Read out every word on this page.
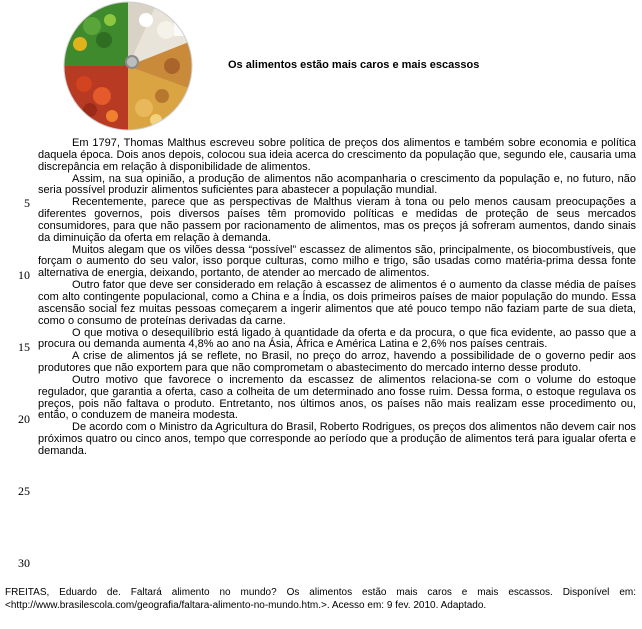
Os alimentos estão mais caros e mais escassos

Em 1797, Thomas Malthus escreveu sobre política de preços dos alimentos e também sobre economia e política daquela época. Dois anos depois, colocou sua ideia acerca do crescimento da população que, segundo ele, causaria uma discrepância em relação à disponibilidade de alimentos.

Assim, na sua opinião, a produção de alimentos não acompanharia o crescimento da população e, no futuro, não seria possível produzir alimentos suficientes para abastecer a população mundial.

Recentemente, parece que as perspectivas de Malthus vieram à tona ou pelo menos causam preocupações a diferentes governos, pois diversos países têm promovido políticas e medidas de proteção de seus mercados consumidores, para que não passem por racionamento de alimentos, mas os preços já sofreram aumentos, dando sinais da diminuição da oferta em relação à demanda.

Muitos alegam que os vilões dessa “possível” escassez de alimentos são, principalmente, os biocombustíveis, que forçam o aumento do seu valor, isso porque culturas, como milho e trigo, são usadas como matéria-prima dessa fonte alternativa de energia, deixando, portanto, de atender ao mercado de alimentos.

Outro fator que deve ser considerado em relação à escassez de alimentos é o aumento da classe média de países com alto contingente populacional, como a China e a Índia, os dois primeiros países de maior população do mundo. Essa ascensão social fez muitas pessoas começarem a ingerir alimentos que até pouco tempo não faziam parte de sua dieta, como o consumo de proteínas derivadas da carne.

O que motiva o desequilíbrio está ligado à quantidade da oferta e da procura, o que fica evidente, ao passo que a procura ou demanda aumenta 4,8% ao ano na Ásia, África e América Latina e 2,6% nos países centrais.

A crise de alimentos já se reflete, no Brasil, no preço do arroz, havendo a possibilidade de o governo pedir aos produtores que não exportem para que não comprometam o abastecimento do mercado interno desse produto.

Outro motivo que favorece o incremento da escassez de alimentos relaciona-se com o volume do estoque regulador, que garantia a oferta, caso a colheita de um determinado ano fosse ruim. Dessa forma, o estoque regulava os preços, pois não faltava o produto. Entretanto, nos últimos anos, os países não mais realizam esse procedimento ou, então, o conduzem de maneira modesta.

De acordo com o Ministro da Agricultura do Brasil, Roberto Rodrigues, os preços dos alimentos não devem cair nos próximos quatro ou cinco anos, tempo que corresponde ao período que a produção de alimentos terá para igualar oferta e demanda.

5
10
15
20
25
30
FREITAS, Eduardo de. Faltará alimento no mundo? Os alimentos estão mais caros e mais escassos. Disponível em: <http://www.brasilescola.com/geografia/faltara-alimento-no-mundo.htm.>. Acesso em: 9 fev. 2010. Adaptado.
